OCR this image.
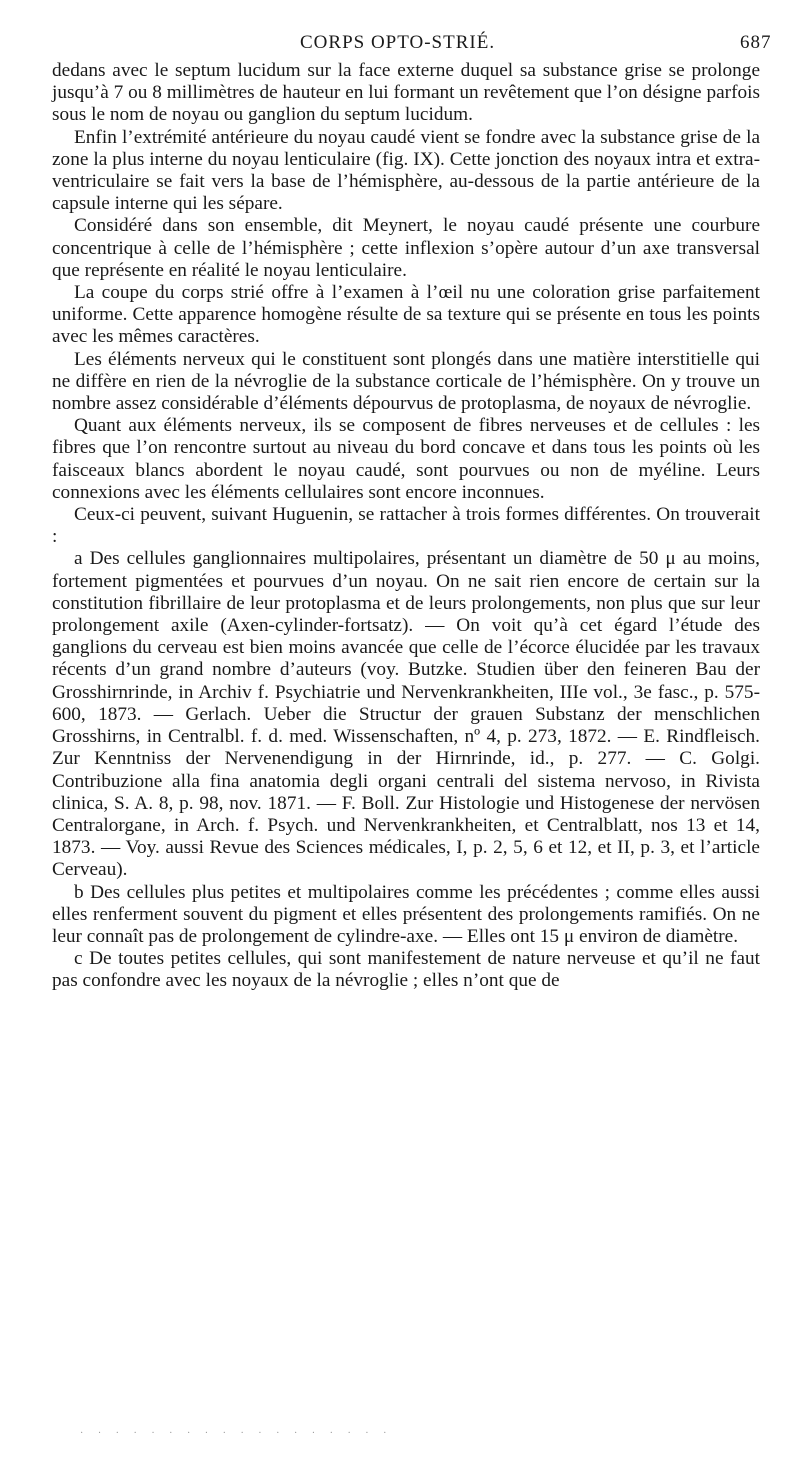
CORPS OPTO-STRIÉ.	687

dedans avec le septum lucidum sur la face externe duquel sa substance grise se prolonge jusqu’à 7 ou 8 millimètres de hauteur en lui formant un revêtement que l’on désigne parfois sous le nom de noyau ou ganglion du septum lucidum.

Enfin l’extrémité antérieure du noyau caudé vient se fondre avec la substance grise de la zone la plus interne du noyau lenticulaire (fig. IX). Cette jonction des noyaux intra et extra-ventriculaire se fait vers la base de l’hémisphère, au-dessous de la partie antérieure de la capsule interne qui les sépare.

Considéré dans son ensemble, dit Meynert, le noyau caudé présente une courbure concentrique à celle de l’hémisphère ; cette inflexion s’opère autour d’un axe transversal que représente en réalité le noyau lenticulaire.

La coupe du corps strié offre à l’examen à l’œil nu une coloration grise parfaitement uniforme. Cette apparence homogène résulte de sa texture qui se présente en tous les points avec les mêmes caractères.

Les éléments nerveux qui le constituent sont plongés dans une matière interstitielle qui ne diffère en rien de la névroglie de la substance corticale de l’hémisphère. On y trouve un nombre assez considérable d’éléments dépourvus de protoplasma, de noyaux de névroglie.

Quant aux éléments nerveux, ils se composent de fibres nerveuses et de cellules : les fibres que l’on rencontre surtout au niveau du bord concave et dans tous les points où les faisceaux blancs abordent le noyau caudé, sont pourvues ou non de myéline. Leurs connexions avec les éléments cellulaires sont encore inconnues.

Ceux-ci peuvent, suivant Huguenin, se rattacher à trois formes différentes. On trouverait :

a Des cellules ganglionnaires multipolaires, présentant un diamètre de 50 μ au moins, fortement pigmentées et pourvues d’un noyau. On ne sait rien encore de certain sur la constitution fibrillaire de leur protoplasma et de leurs prolongements, non plus que sur leur prolongement axile (Axen-cylinder-fortsatz). — On voit qu’à cet égard l’étude des ganglions du cerveau est bien moins avancée que celle de l’écorce élucidée par les travaux récents d’un grand nombre d’auteurs (voy. Butzke. Studien über den feineren Bau der Grosshirnrinde, in Archiv f. Psychiatrie und Nervenkrankheiten, IIIe vol., 3e fasc., p. 575-600, 1873. — Gerlach. Ueber die Structur der grauen Substanz der menschlichen Grosshirns, in Centralbl. f. d. med. Wissenschaften, nº 4, p. 273, 1872. — E. Rindfleisch. Zur Kenntniss der Nervenendigung in der Hirnrinde, id., p. 277. — C. Golgi. Contribuzione alla fina anatomia degli organi centrali del sistema nervoso, in Rivista clinica, S. A. 8, p. 98, nov. 1871. — F. Boll. Zur Histologie und Histogenese der nervösen Centralorgane, in Arch. f. Psych. und Nervenkrankheiten, et Centralblatt, nos 13 et 14, 1873. — Voy. aussi Revue des Sciences médicales, I, p. 2, 5, 6 et 12, et II, p. 3, et l’article Cerveau).

b Des cellules plus petites et multipolaires comme les précédentes ; comme elles aussi elles renferment souvent du pigment et elles présentent des prolongements ramifiés. On ne leur connaît pas de prolongement de cylindre-axe. — Elles ont 15 μ environ de diamètre.

c De toutes petites cellules, qui sont manifestement de nature nerveuse et qu’il ne faut pas confondre avec les noyaux de la névroglie ; elles n’ont que de

· · · · · · · · · · · · · · · · · ·
